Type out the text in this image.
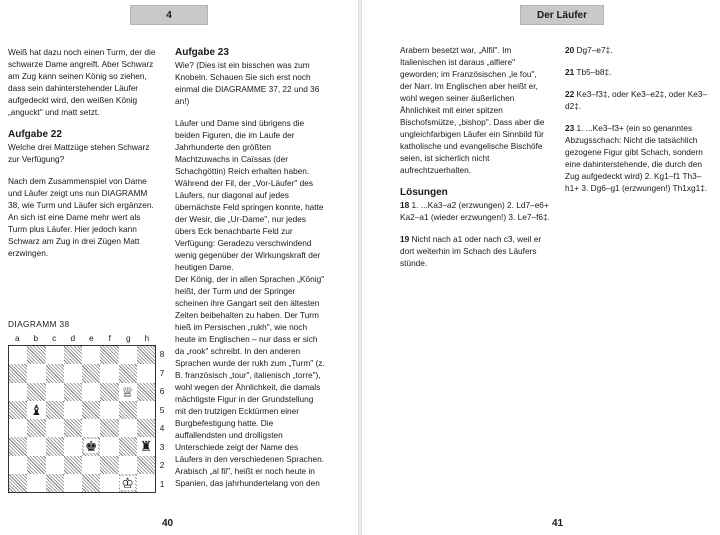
4

Weiß hat dazu noch einen Turm, der die schwarze Dame angreift. Aber Schwarz am Zug kann seinen König so ziehen, dass sein dahinterstehender Läufer aufgedeckt wird, den weißen König „anguckt" und matt setzt.

Aufgabe 22

Welche drei Mattzüge stehen Schwarz zur Verfügung?

Nach dem Zusammenspiel von Dame und Läufer zeigt uns nun DIAGRAMM 38, wie Turm und Läufer sich ergänzen. An sich ist eine Dame mehr wert als Turm plus Läufer. Hier jedoch kann Schwarz am Zug in drei Zügen Matt erzwingen.

DIAGRAMM 38
a	b	c	d	e	f	g	h
♕
♝
♚	♜
♔
8
7
6
5
4
3
2
1
Aufgabe 23

Wie? (Dies ist ein bisschen was zum Knobeln. Schauen Sie sich erst noch einmal die DIAGRAMME 37, 22 und 36 an!)

Läufer und Dame sind übrigens die beiden Figuren, die im Laufe der Jahrhunderte den größten Machtzuwachs in Caïssas (der Schachgöttin) Reich erhalten haben. Während der Fil, der „Vor-Läufer" des Läufers, nur diagonal auf jedes übernächste Feld springen konnte, hatte der Wesir, die „Ur-Dame", nur jedes übers Eck benachbarte Feld zur Verfügung: Geradezu verschwindend wenig gegenüber der Wirkungskraft der heutigen Dame.

Der König, der in allen Sprachen „König" heißt, der Turm und der Springer scheinen ihre Gangart seit den ältesten Zeiten beibehalten zu haben. Der Turm hieß im Persischen „rukh", wie noch heute im Englischen – nur dass er sich da „rook" schreibt. In den anderen Sprachen wurde der rukh zum „Turm" (z. B. französisch „tour", italienisch „torre"), wohl wegen der Ähnlichkeit, die damals mächtigste Figur in der Grundstellung mit den trutzigen Ecktürmen einer Burgbefestigung hatte. Die auffallendsten und drolligsten Unterschiede zeigt der Name des Läufers in den verschiedenen Sprachen. Arabisch „al fil", heißt er noch heute in Spanien, das jahrhundertelang von den

40
Der Läufer

Arabern besetzt war, „Alfil". Im Italienischen ist daraus „alfiere" geworden; im Französischen „le fou", der Narr. Im Englischen aber heißt er, wohl wegen seiner äußerlichen Ähnlichkeit mit einer spitzen Bischofsmütze, „bishop". Dass aber die ungleichfarbigen Läufer ein Sinnbild für katholische und evangelische Bischöfe seien, ist sicherlich nicht aufrechtzuerhalten.

Lösungen

18 1. ...Ka3–a2 (erzwungen) 2. Ld7–e6+ Ka2–a1 (wieder erzwungen!) 3. Le7–f6‡.

19 Nicht nach a1 oder nach c3, weil er dort weiterhin im Schach des Läufers stünde.

20 Dg7–e7‡.

21 Tb5–b8‡.

22 Ke3–f3‡, oder Ke3–e2‡, oder Ke3–d2‡.

23 1. ...Ke3–f3+ (ein so genanntes Abzugsschach: Nicht die tatsächlich gezogene Figur gibt Schach, sondern eine dahinterstehende, die durch den Zug aufgedeckt wird) 2. Kg1–f1 Th3–h1+ 3. Dg6–g1 (erzwungen!) Th1xg1‡.

41
